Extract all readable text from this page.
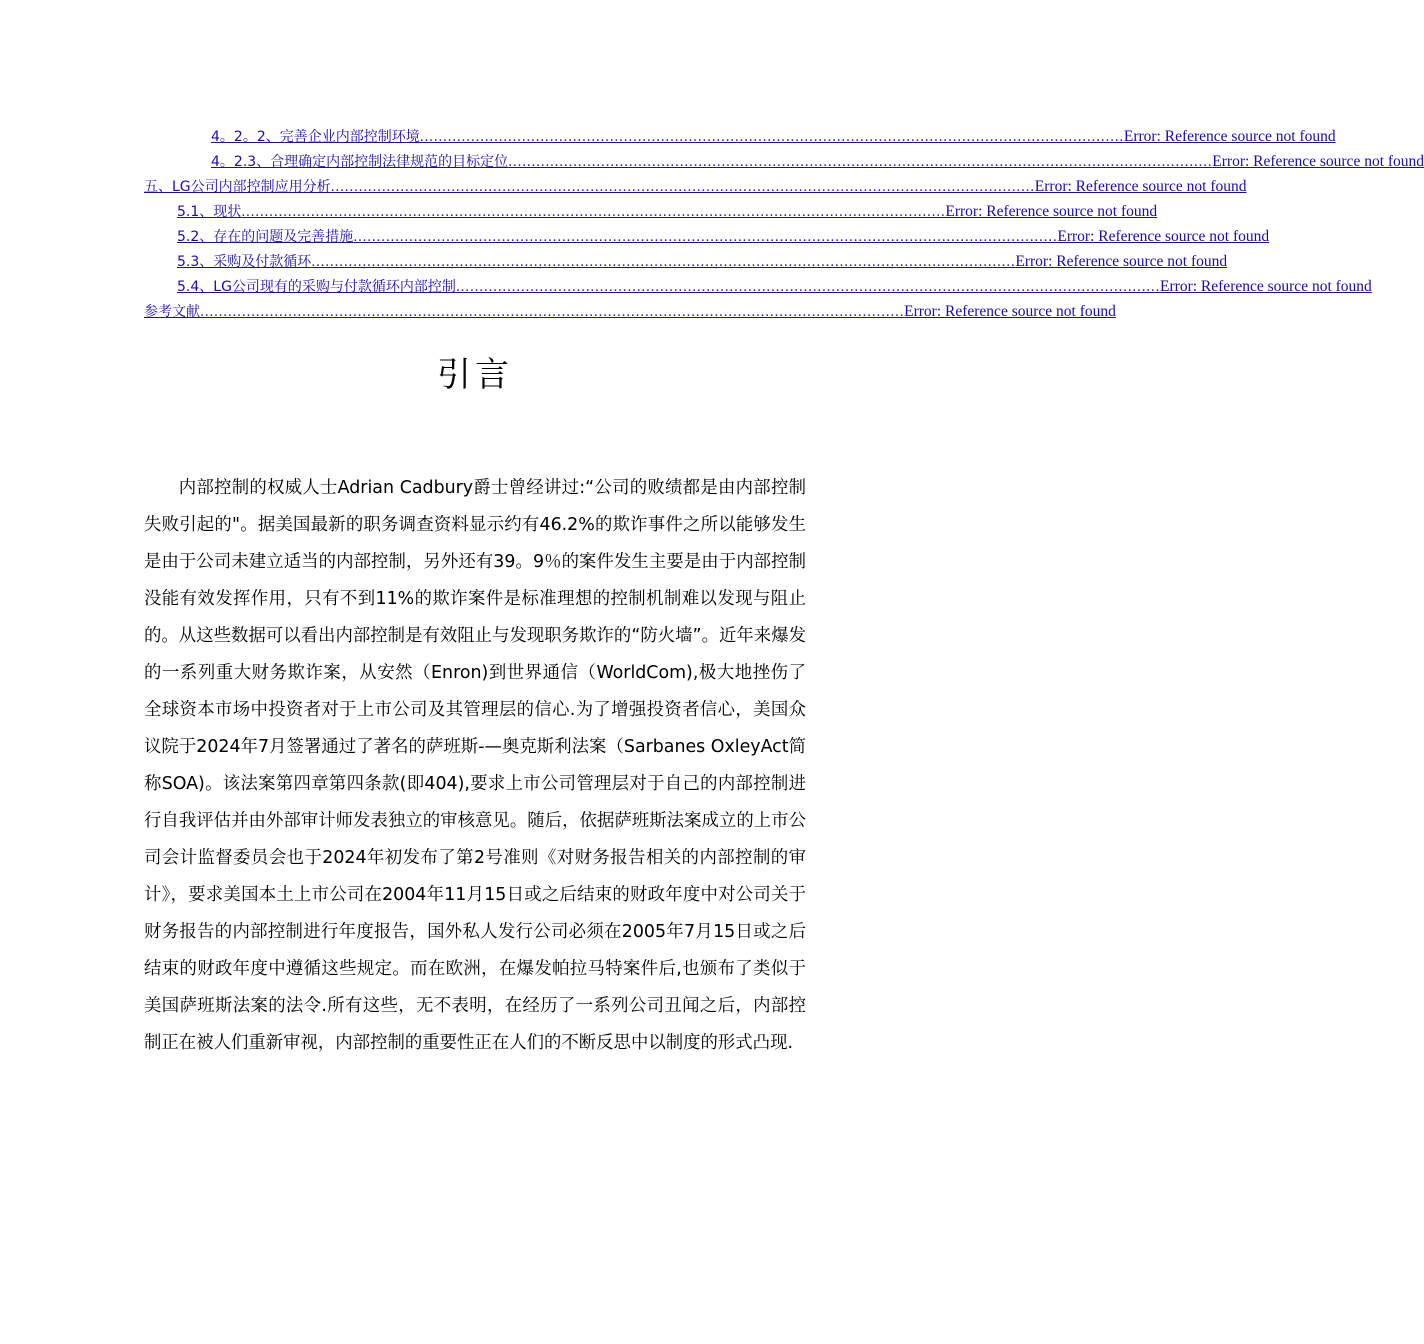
4。2。2、完善企业内部控制环境 ........................................................................................................................................................ Error: Reference source not found
4。2.3、合理确定内部控制法律规范的目标定位 ........................................................................................................................................................ Error: Reference source not found
五、LG公司内部控制应用分析 ........................................................................................................................................................ Error: Reference source not found
5.1、现状 ........................................................................................................................................................ Error: Reference source not found
5.2、存在的问题及完善措施 ........................................................................................................................................................ Error: Reference source not found
5.3、采购及付款循环 ........................................................................................................................................................ Error: Reference source not found
5.4、LG公司现有的采购与付款循环内部控制 ........................................................................................................................................................ Error: Reference source not found
参考文献 ........................................................................................................................................................ Error: Reference source not found
引言

内部控制的权威人士Adrian Cadbury爵士曾经讲过:“公司的败绩都是由内部控制失败引起的"。据美国最新的职务调查资料显示约有46.2%的欺诈事件之所以能够发生是由于公司未建立适当的内部控制，另外还有39。9％的案件发生主要是由于内部控制没能有效发挥作用，只有不到11%的欺诈案件是标准理想的控制机制难以发现与阻止的。从这些数据可以看出内部控制是有效阻止与发现职务欺诈的“防火墙”。近年来爆发的一系列重大财务欺诈案，从安然（Enron)到世界通信（WorldCom),极大地挫伤了全球资本市场中投资者对于上市公司及其管理层的信心.为了增强投资者信心，美国众议院于2024年7月签署通过了著名的萨班斯-—奥克斯利法案（Sarbanes OxleyAct简称SOA)。该法案第四章第四条款(即404),要求上市公司管理层对于自己的内部控制进行自我评估并由外部审计师发表独立的审核意见。随后，依据萨班斯法案成立的上市公司会计监督委员会也于2024年初发布了第2号准则《对财务报告相关的内部控制的审计》，要求美国本土上市公司在2004年11月15日或之后结束的财政年度中对公司关于财务报告的内部控制进行年度报告，国外私人发行公司必须在2005年7月15日或之后结束的财政年度中遵循这些规定。而在欧洲，在爆发帕拉马特案件后,也颁布了类似于美国萨班斯法案的法令.所有这些，无不表明，在经历了一系列公司丑闻之后，内部控制正在被人们重新审视，内部控制的重要性正在人们的不断反思中以制度的形式凸现.
